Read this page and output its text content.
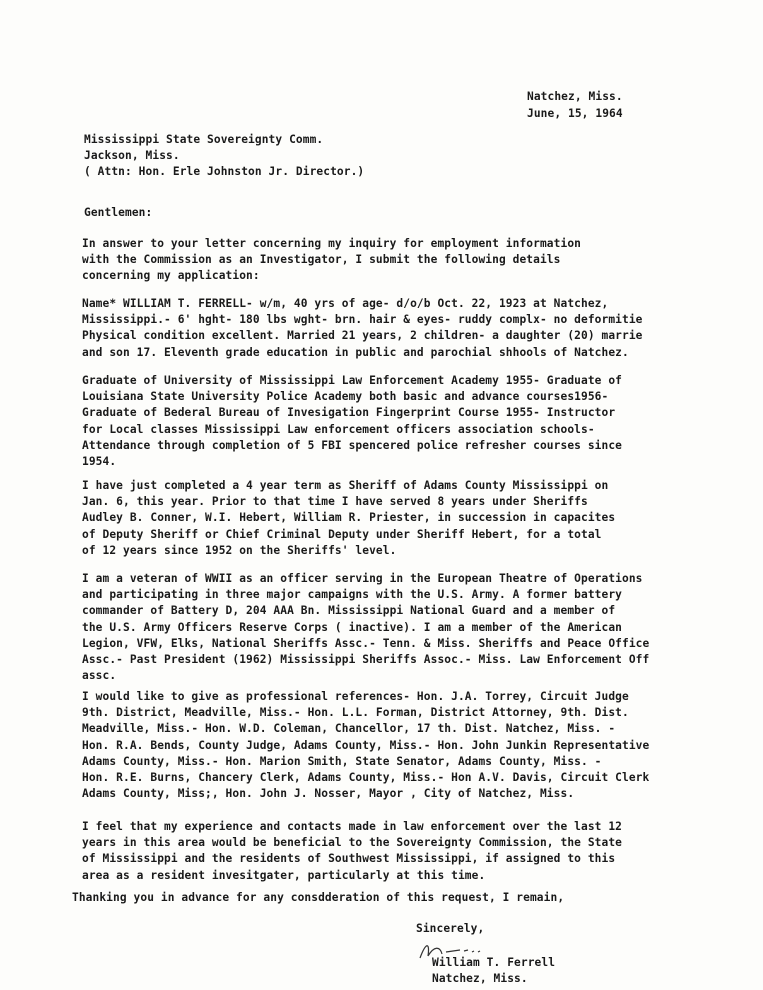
Natchez, Miss.
June, 15, 1964
Mississippi State Sovereignty Comm.
Jackson, Miss.
( Attn: Hon. Erle Johnston Jr. Director.)
Gentlemen:

In answer to your letter concerning my inquiry for employment information
with the Commission as an Investigator, I submit the following details
concerning my application:

Name* WILLIAM T. FERRELL- w/m, 40 yrs of age- d/o/b Oct. 22, 1923 at Natchez,
Mississippi.- 6' hght- 180 lbs wght- brn. hair & eyes- ruddy complx- no deformitie
Physical condition excellent. Married 21 years, 2 children- a daughter (20) marrie
and son 17. Eleventh grade education in public and parochial shhools of Natchez.

Graduate of University of Mississippi Law Enforcement Academy 1955- Graduate of
Louisiana State University Police Academy both basic and advance courses1956-
Graduate of Bederal Bureau of Invesigation Fingerprint Course 1955- Instructor
for Local classes Mississippi Law enforcement officers association schools-
Attendance through completion of 5 FBI spencered police refresher courses since
1954.

I have just completed a 4 year term as Sheriff of Adams County Mississippi on
Jan. 6, this year. Prior to that time I have served 8 years under Sheriffs
Audley B. Conner, W.I. Hebert, William R. Priester, in succession in capacites
of Deputy Sheriff or Chief Criminal Deputy under Sheriff Hebert, for a total
of 12 years since 1952 on the Sheriffs' level.

I am a veteran of WWII as an officer serving in the European Theatre of Operations
and participating in three major campaigns with the U.S. Army. A former battery
commander of Battery D, 204 AAA Bn. Mississippi National Guard and a member of
the U.S. Army Officers Reserve Corps ( inactive). I am a member of the American
Legion, VFW, Elks, National Sheriffs Assc.- Tenn. & Miss. Sheriffs and Peace Office
Assc.- Past President (1962) Mississippi Sheriffs Assoc.- Miss. Law Enforcement Off
assc.

I would like to give as professional references- Hon. J.A. Torrey, Circuit Judge
9th. District, Meadville, Miss.- Hon. L.L. Forman, District Attorney, 9th. Dist.
Meadville, Miss.- Hon. W.D. Coleman, Chancellor, 17 th. Dist. Natchez, Miss. -
Hon. R.A. Bends, County Judge, Adams County, Miss.- Hon. John Junkin Representative
Adams County, Miss.- Hon. Marion Smith, State Senator, Adams County, Miss. -
Hon. R.E. Burns, Chancery Clerk, Adams County, Miss.- Hon A.V. Davis, Circuit Clerk
Adams County, Miss;, Hon. John J. Nosser, Mayor , City of Natchez, Miss.

I feel that my experience and contacts made in law enforcement over the last 12
years in this area would be beneficial to the Sovereignty Commission, the State
of Mississippi and the residents of Southwest Mississippi, if assigned to this
area as a resident invesitgater, particularly at this time.

Thanking you in advance for any consdderation of this request, I remain,

Sincerely,
William T. Ferrell
Natchez, Miss.
